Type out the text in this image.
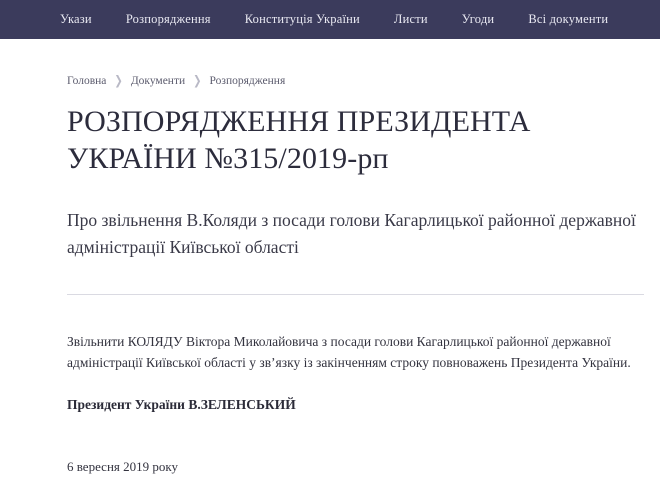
Укази	Розпорядження	Конституція України	Листи	Угоди	Всі документи
Головна ❯ Документи ❯ Розпорядження
РОЗПОРЯДЖЕННЯ ПРЕЗИДЕНТА УКРАЇНИ №315/2019-рп
Про звільнення В.Коляди з посади голови Кагарлицької районної державної адміністрації Київської області

Звільнити КОЛЯДУ Віктора Миколайовича з посади голови Кагарлицької районної державної адміністрації Київської області у зв’язку із закінченням строку повноважень Президента України.

Президент України В.ЗЕЛЕНСЬКИЙ
6 вересня 2019 року
